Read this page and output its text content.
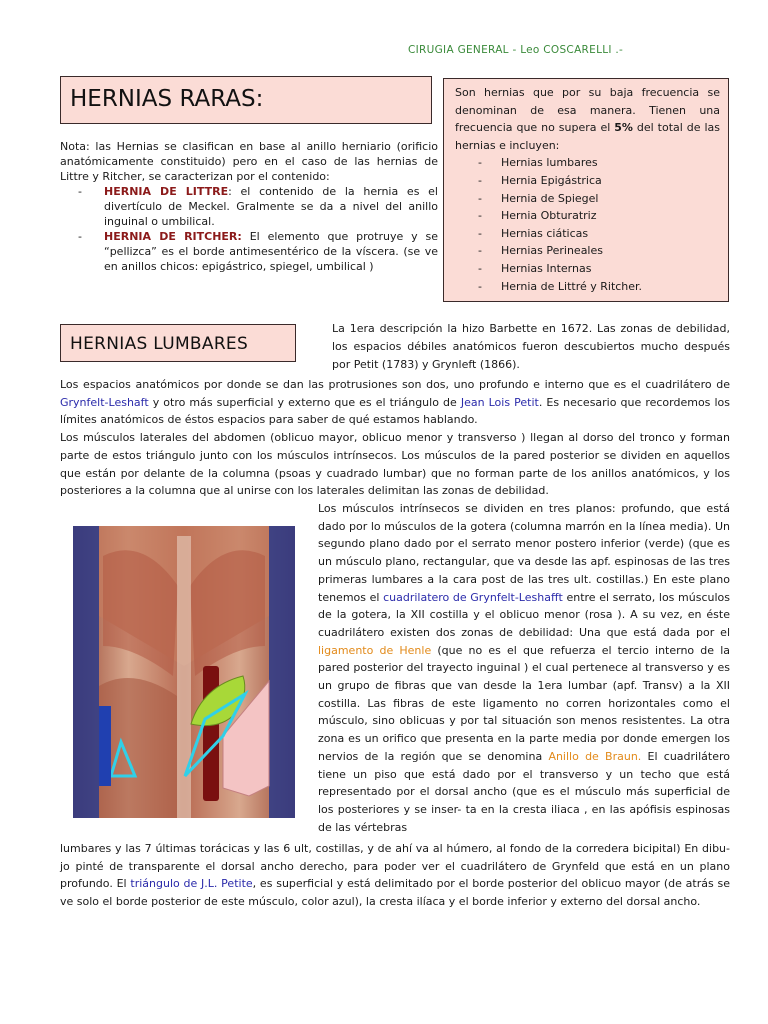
CIRUGIA GENERAL - Leo COSCARELLI .-
HERNIAS RARAS:

Nota: las Hernias se clasifican en base al anillo herniario (orificio anatómicamente constituido) pero en el caso de las hernias de Littre y Ritcher, se caracterizan por el contenido:

- HERNIA DE LITTRE: el contenido de la hernia es el divertículo de Meckel. Gralmente se da a nivel del anillo inguinal o umbilical.
- HERNIA DE RITCHER: El elemento que protruye y se “pellizca” es el borde antimesentérico de la víscera. (se ve en anillos chicos: epigástrico, spiegel, umbilical )

Son hernias que por su baja frecuencia se denominan de esa manera. Tienen una frecuencia que no supera el 5% del total de las hernias e incluyen:

- Hernias lumbares
- Hernia Epigástrica
- Hernia de Spiegel
- Hernia Obturatriz
- Hernias ciáticas
- Hernias Perineales
- Hernias Internas
- Hernia de Littré y Ritcher.
HERNIAS LUMBARES
La 1era descripción la hizo Barbette en 1672. Las zonas de debilidad, los espacios débiles anatómicos fueron descubiertos mucho después por Petit (1783) y Grynleft (1866).

Los espacios anatómicos por donde se dan las protrusiones son dos, uno profundo e interno que es el cuadrilátero de Grynfelt-Leshaft y otro más superficial y externo que es el triángulo de Jean Lois Petit. Es necesario que recordemos los límites anatómicos de éstos espacios para saber de qué estamos hablando.

Los músculos laterales del abdomen (oblicuo mayor, oblicuo menor y transverso ) llegan al dorso del tronco y forman parte de estos triángulo junto con los músculos intrínsecos. Los músculos de la pared posterior se dividen en aquellos que están por delante de la columna (psoas y cuadrado lumbar) que no forman parte de los anillos anatómicos, y los posteriores a la columna que al unirse con los laterales delimitan las zonas de debilidad.

Los músculos intrínsecos se dividen en tres planos: profundo, que está dado por lo músculos de la gotera (columna marrón en la línea media). Un segundo plano dado por el serrato menor postero inferior (verde) (que es un músculo plano, rectangular, que va desde las apf. espinosas de las tres primeras lumbares a la cara post de las tres ult. costillas.) En este plano tenemos el cuadrilatero de Grynfelt-Leshafft entre el serrato, los músculos de la gotera, la XII costilla y el oblicuo menor (rosa ). A su vez, en éste cuadrilátero existen dos zonas de debilidad: Una que está dada por el ligamento de Henle (que no es el que refuerza el tercio interno de la pared posterior del trayecto inguinal ) el cual pertenece al transverso y es un grupo de fibras que van desde la 1era lumbar (apf. Transv) a la XII costilla. Las fibras de este ligamento no corren horizontales como el músculo, sino oblicuas y por tal situación son menos resistentes. La otra zona es un orifico que presenta en la parte media por donde emergen los nervios de la región que se denomina Anillo de Braun. El cuadrilátero tiene un piso que está dado por el transverso y un techo que está representado por el dorsal ancho (que es el músculo más superficial de los posteriores y se inser- ta en la cresta iliaca , en las apófisis espinosas de las vértebras
lumbares y las 7 últimas torácicas y las 6 ult, costillas, y de ahí va al húmero, al fondo de la corredera bicipital) En dibu- jo pinté de transparente el dorsal ancho derecho, para poder ver el cuadrilátero de Grynfeld que está en un plano profundo. El triángulo de J.L. Petite, es superficial y está delimitado por el borde posterior del oblicuo mayor (de atrás se ve solo el borde posterior de este músculo, color azul), la cresta ilíaca y el borde inferior y externo del dorsal ancho.
